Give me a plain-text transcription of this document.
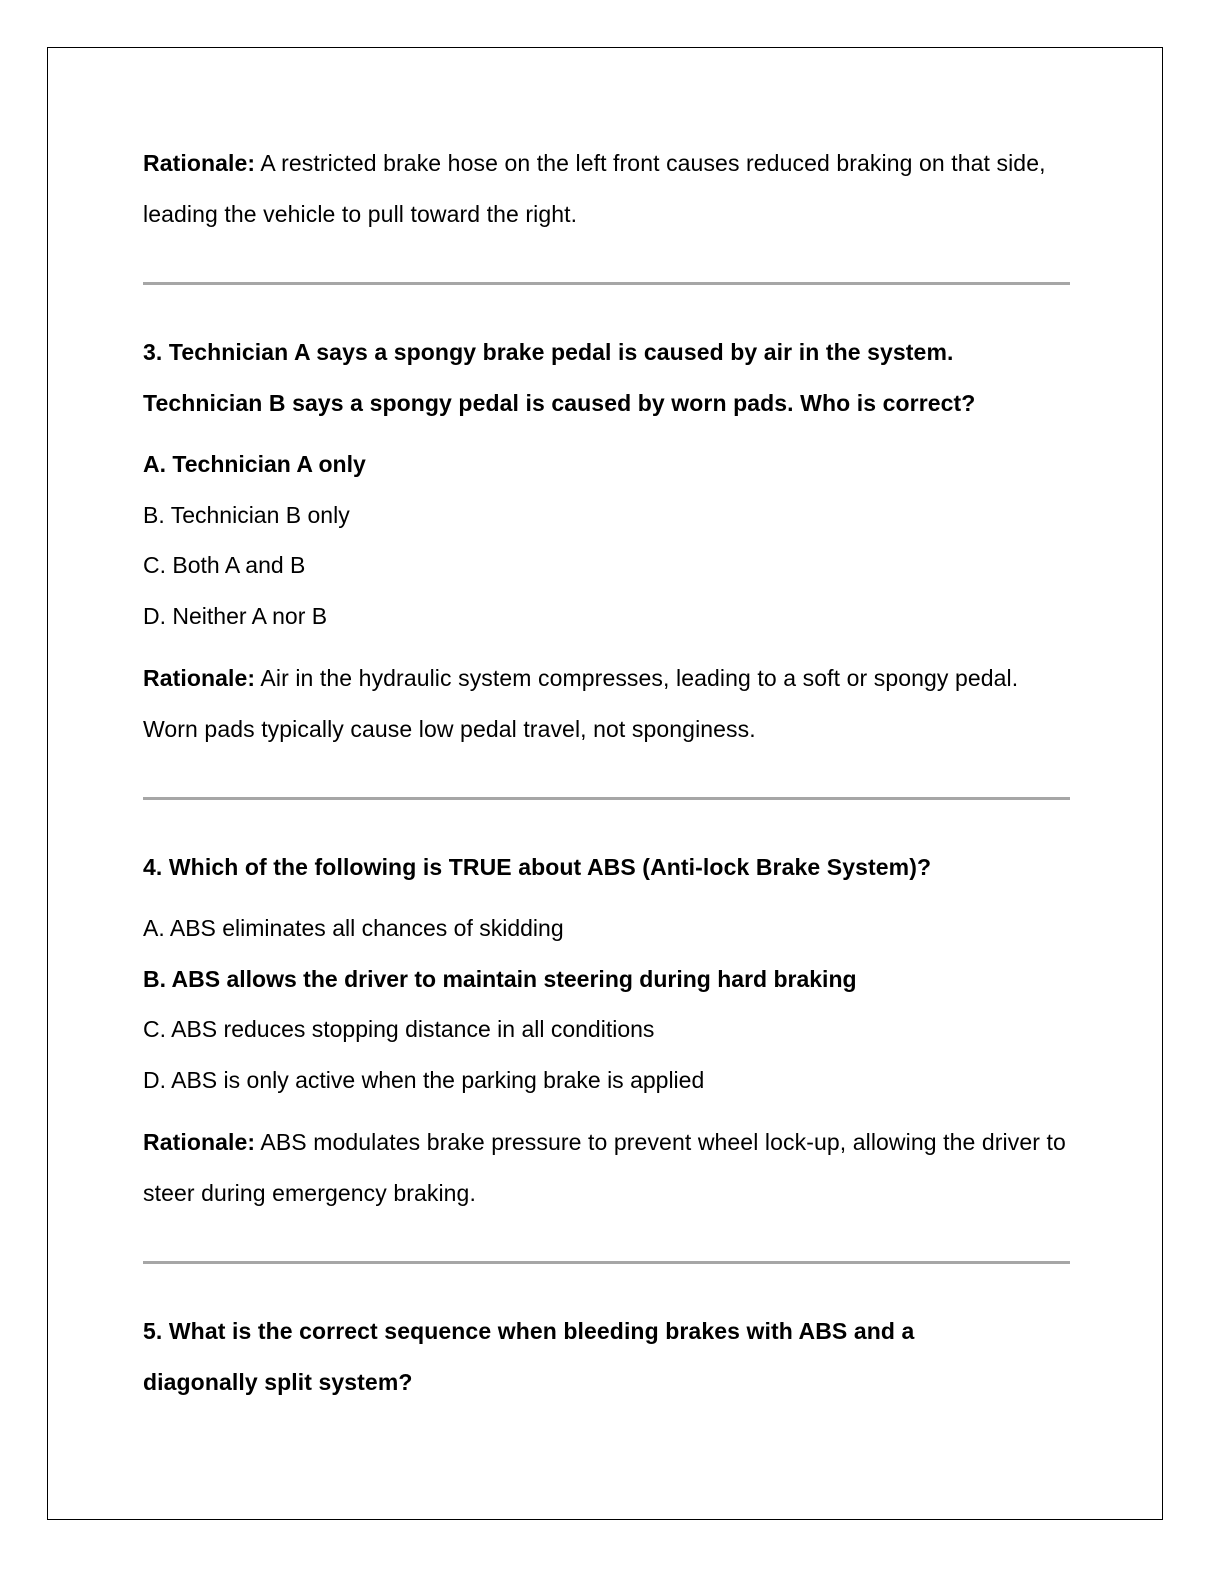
Rationale: A restricted brake hose on the left front causes reduced braking on that side, leading the vehicle to pull toward the right.

3. Technician A says a spongy brake pedal is caused by air in the system.
Technician B says a spongy pedal is caused by worn pads. Who is correct?

A. Technician A only

B. Technician B only

C. Both A and B

D. Neither A nor B

Rationale: Air in the hydraulic system compresses, leading to a soft or spongy pedal. Worn pads typically cause low pedal travel, not sponginess.

4. Which of the following is TRUE about ABS (Anti-lock Brake System)?

A. ABS eliminates all chances of skidding

B. ABS allows the driver to maintain steering during hard braking

C. ABS reduces stopping distance in all conditions

D. ABS is only active when the parking brake is applied

Rationale: ABS modulates brake pressure to prevent wheel lock-up, allowing the driver to steer during emergency braking.

5. What is the correct sequence when bleeding brakes with ABS and a
diagonally split system?
